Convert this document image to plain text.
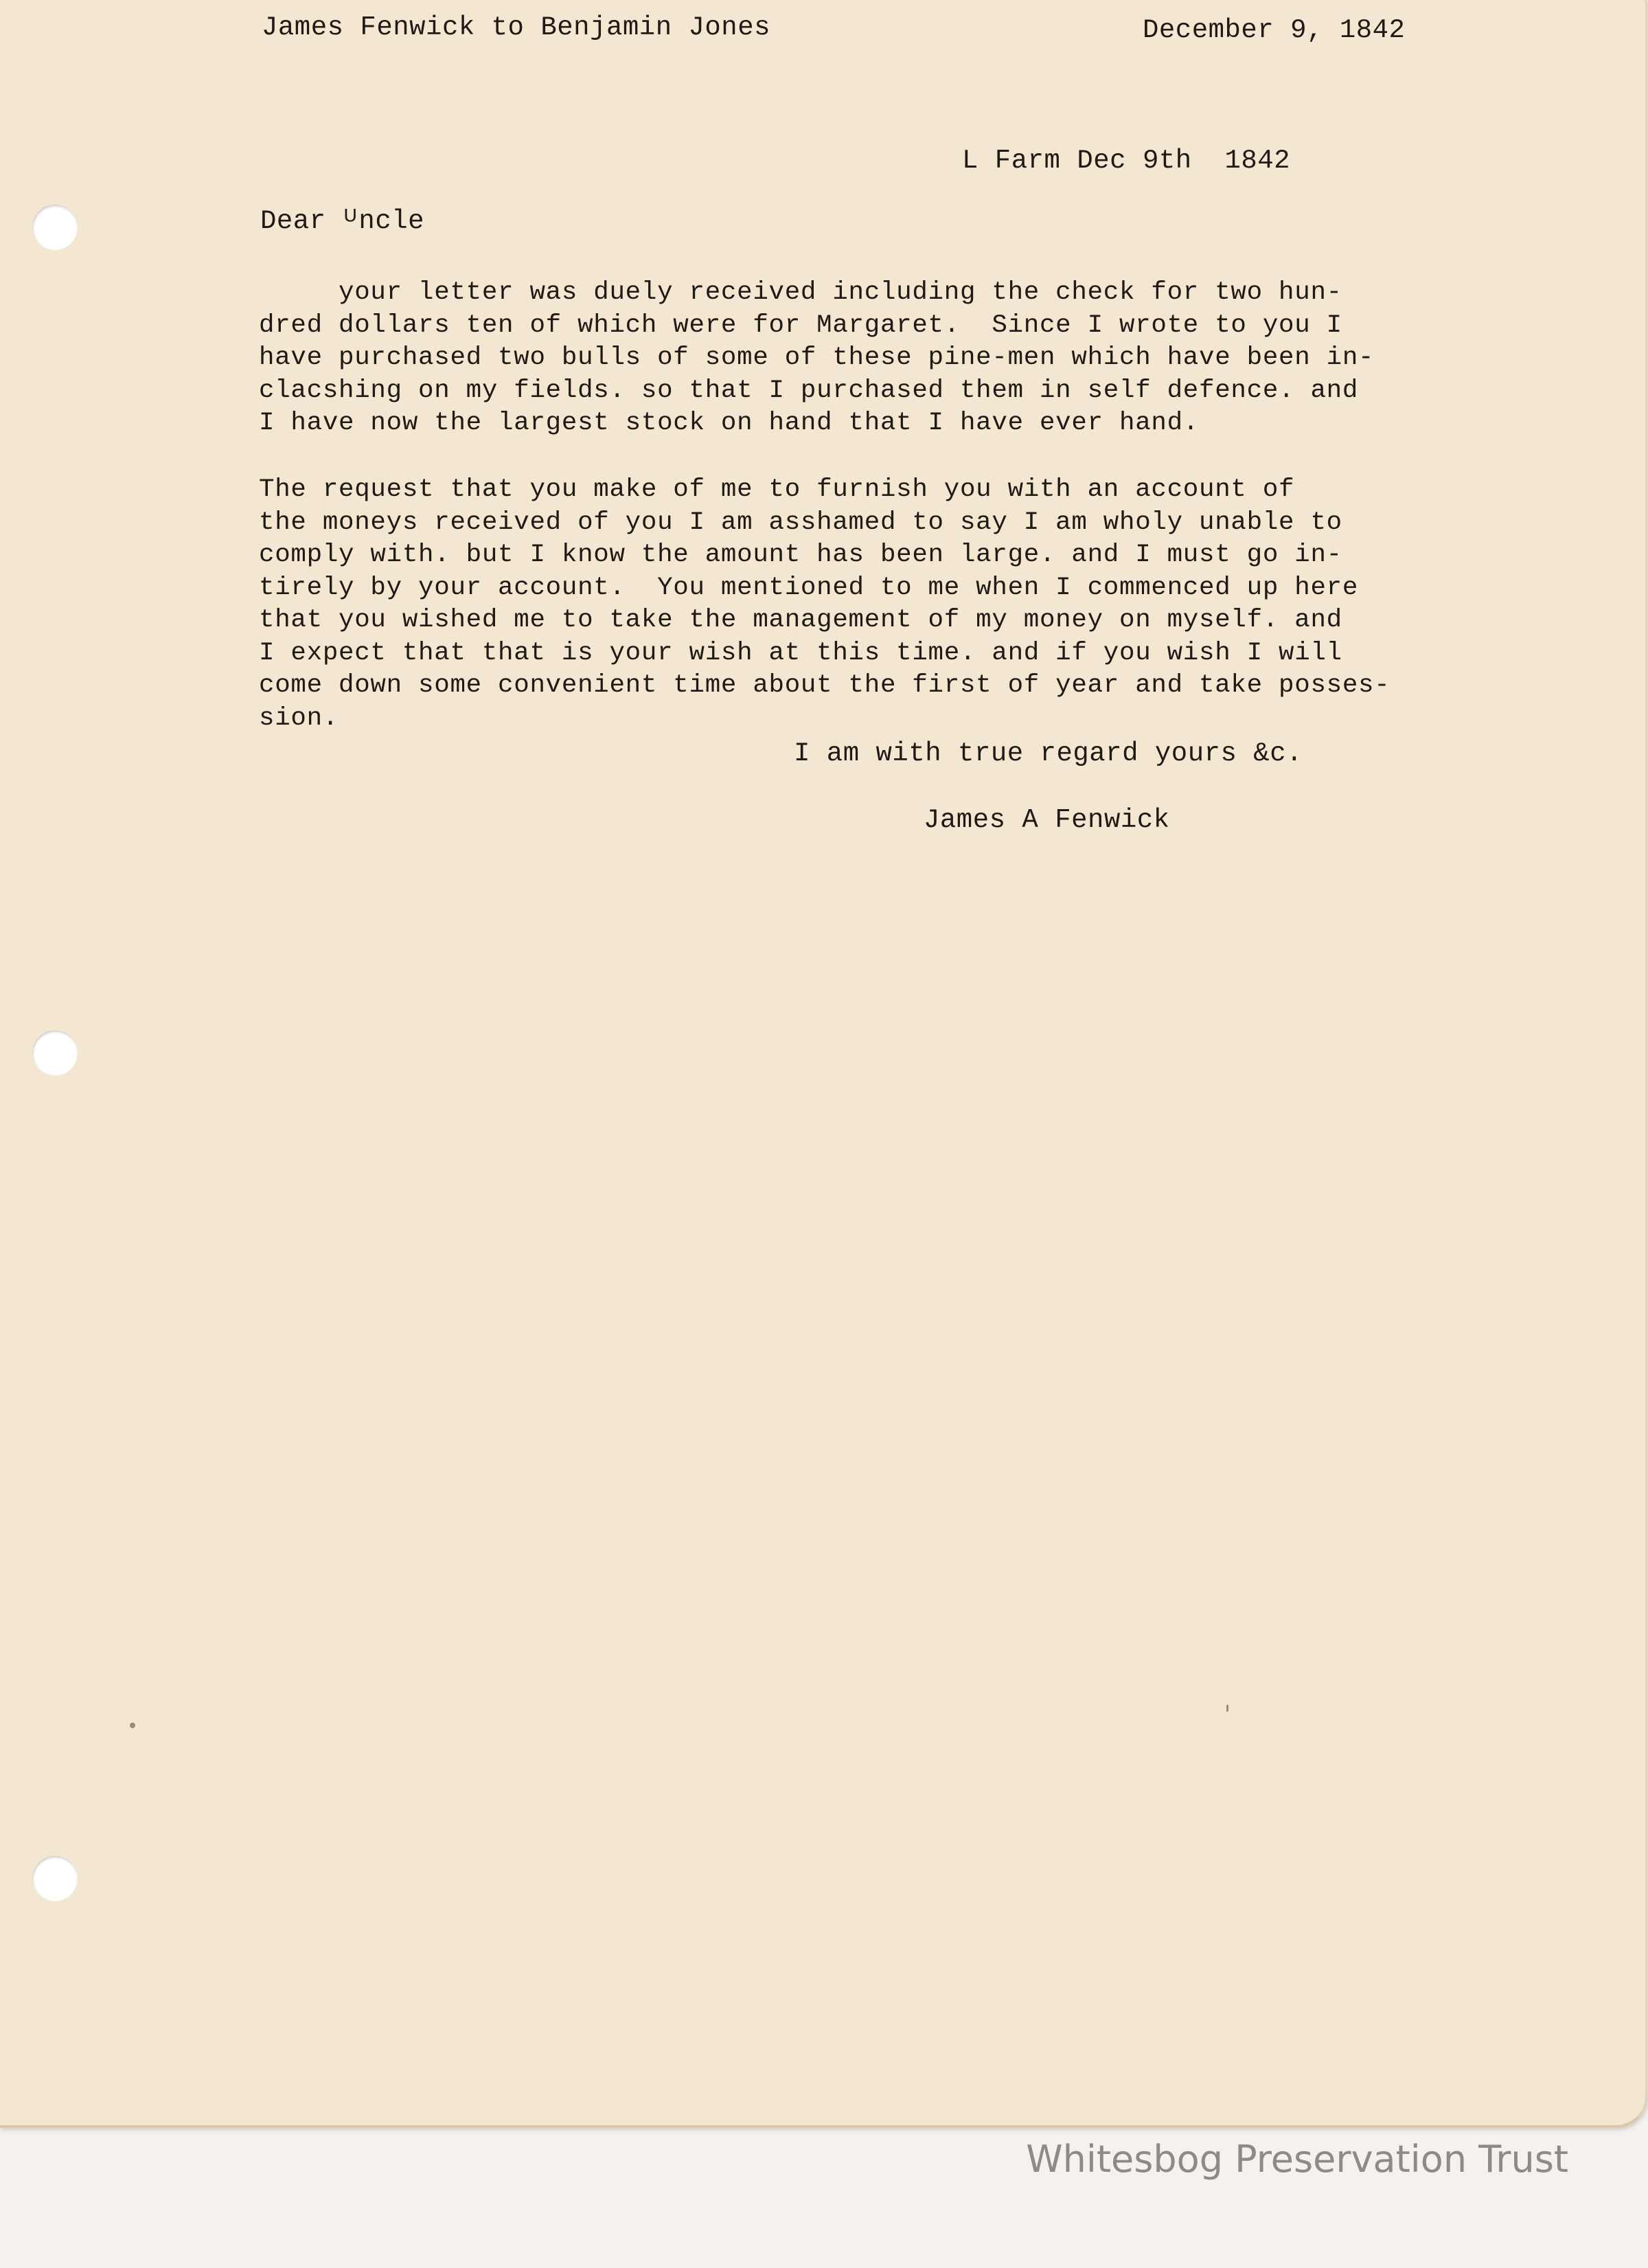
James Fenwick to Benjamin Jones	December 9, 1842
L Farm Dec 9th  1842
Dear ᵁncle
your letter was duely received including the check for two hun-
dred dollars ten of which were for Margaret.  Since I wrote to you I
have purchased two bulls of some of these pine-men which have been in-
clacshing on my fields. so that I purchased them in self defence. and
I have now the largest stock on hand that I have ever hand.
The request that you make of me to furnish you with an account of
the moneys received of you I am asshamed to say I am wholy unable to
comply with. but I know the amount has been large. and I must go in-
tirely by your account.  You mentioned to me when I commenced up here
that you wished me to take the management of my money on myself. and
I expect that that is your wish at this time. and if you wish I will
come down some convenient time about the first of year and take posses-
sion.
I am with true regard yours &c.
James A Fenwick
Whitesbog Preservation Trust
